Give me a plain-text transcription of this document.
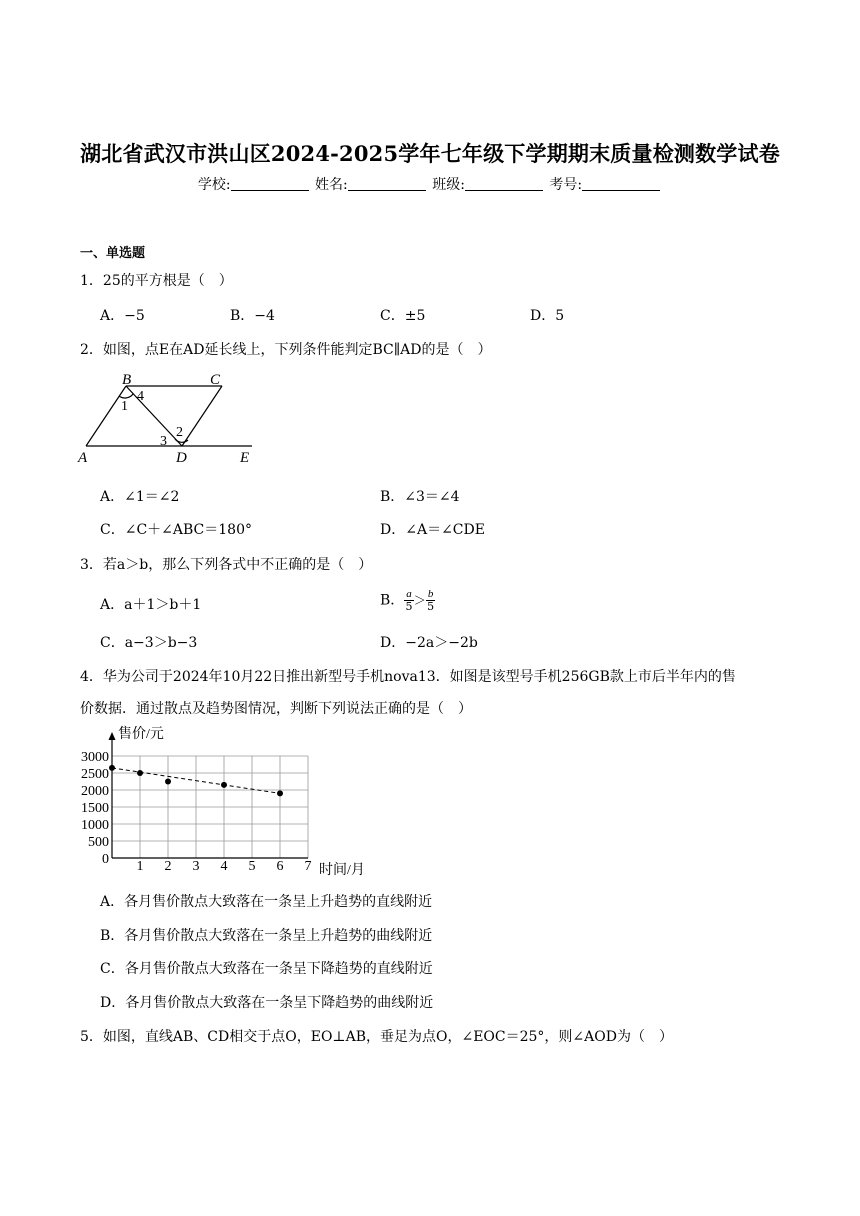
湖北省武汉市洪山区2024-2025学年七年级下学期期末质量检测数学试卷
学校:	姓名:	班级:	考号:
一、单选题
1．25的平方根是（　）
A．−5	B．−4	C．±5	D．5
2．如图，点E在AD延长线上，下列条件能判定BC∥AD的是（　）
B	C
4
1
2
3
A	D	E
A．∠1＝∠2	B．∠3＝∠4
C．∠C＋∠ABC＝180°	D．∠A＝∠CDE
3．若a＞b，那么下列各式中不正确的是（　）
A．a＋1＞b＋1	B． $\frac{a}{5} > \frac{b}{5}$
C．a−3＞b−3	D．−2a＞−2b
4．华为公司于2024年10月22日推出新型号手机nova13．如图是该型号手机256GB款上市后半年内的售
价数据．通过散点及趋势图情况，判断下列说法正确的是（　）
0
500
1000
1500
2000
2500
3000
1 2 3 4 5 6 7
售价/元
时间/月
A．各月售价散点大致落在一条呈上升趋势的直线附近
B．各月售价散点大致落在一条呈上升趋势的曲线附近
C．各月售价散点大致落在一条呈下降趋势的直线附近
D．各月售价散点大致落在一条呈下降趋势的曲线附近
5．如图，直线AB、CD相交于点O，EO⊥AB，垂足为点O，∠EOC＝25°，则∠AOD为（　）
